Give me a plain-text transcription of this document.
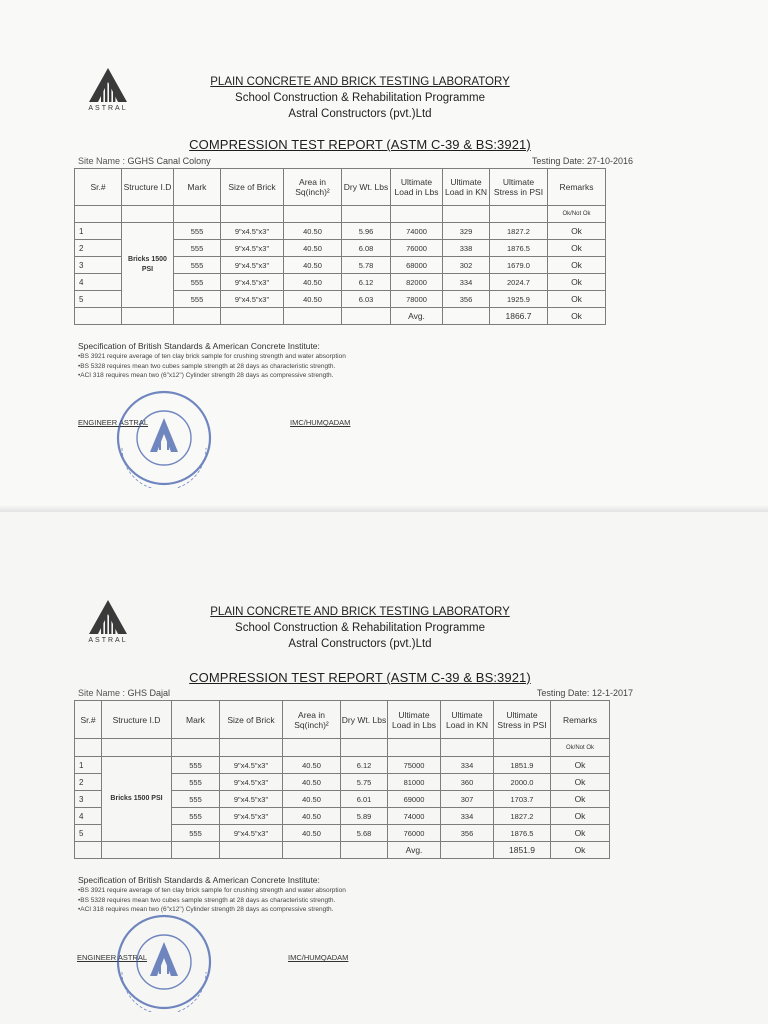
ASTRAL
PLAIN CONCRETE AND BRICK TESTING LABORATORY
School Construction & Rehabilitation Programme
Astral Constructors (pvt.)Ltd
COMPRESSION TEST REPORT (ASTM C-39 & BS:3921)
Site Name : GGHS Canal Colony	Testing Date: 27-10-2016
Sr.#	Structure I.D	Mark	Size of Brick	Area in Sq(inch)²	Dry Wt. Lbs	Ultimate Load in Lbs	Ultimate Load in KN	Ultimate Stress in PSI	Remarks
									Ok/Not Ok
1	Bricks 1500 PSI	555	9"x4.5"x3"	40.50	5.96	74000	329	1827.2	Ok
2		555	9"x4.5"x3"	40.50	6.08	76000	338	1876.5	Ok
3		555	9"x4.5"x3"	40.50	5.78	68000	302	1679.0	Ok
4		555	9"x4.5"x3"	40.50	6.12	82000	334	2024.7	Ok
5		555	9"x4.5"x3"	40.50	6.03	78000	356	1925.9	Ok
						Avg.		1866.7	Ok
Specification of British Standards & American Concrete Institute:
•BS 3921 require average of ten clay brick sample for crushing strength and water absorption
•BS 5328 requires mean two cubes sample strength at 28 days as characteristic strength.
•ACI 318 requires mean two (6"x12") Cylinder strength 28 days as compressive strength.
ENGINEER ASTRAL	IMC/HUMQADAM
ASTRAL
PLAIN CONCRETE AND BRICK TESTING LABORATORY
School Construction & Rehabilitation Programme
Astral Constructors (pvt.)Ltd
COMPRESSION TEST REPORT (ASTM C-39 & BS:3921)
Site Name : GHS Dajal	Testing Date: 12-1-2017
Sr.#	Structure I.D	Mark	Size of Brick	Area in Sq(inch)²	Dry Wt. Lbs	Ultimate Load in Lbs	Ultimate Load in KN	Ultimate Stress in PSI	Remarks
									Ok/Not Ok
1	Bricks 1500 PSI	555	9"x4.5"x3"	40.50	6.12	75000	334	1851.9	Ok
2		555	9"x4.5"x3"	40.50	5.75	81000	360	2000.0	Ok
3		555	9"x4.5"x3"	40.50	6.01	69000	307	1703.7	Ok
4		555	9"x4.5"x3"	40.50	5.89	74000	334	1827.2	Ok
5		555	9"x4.5"x3"	40.50	5.68	76000	356	1876.5	Ok
						Avg.		1851.9	Ok
Specification of British Standards & American Concrete Institute:
•BS 3921 require average of ten clay brick sample for crushing strength and water absorption
•BS 5328 requires mean two cubes sample strength at 28 days as characteristic strength.
•ACI 318 requires mean two (6"x12") Cylinder strength 28 days as compressive strength.
ENGINEER ASTRAL	IMC/HUMQADAM
